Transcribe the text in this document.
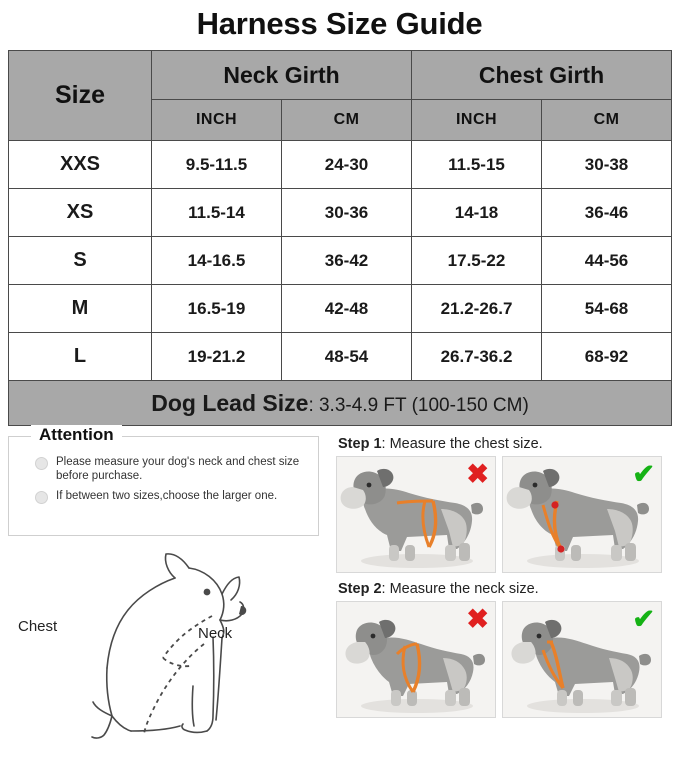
Harness Size Guide
Size	Neck Girth		Chest Girth	
	INCH	CM	INCH	CM
XXS	9.5-11.5	24-30	11.5-15	30-38
XS	11.5-14	30-36	14-18	36-46
S	14-16.5	36-42	17.5-22	44-56
M	16.5-19	42-48	21.2-26.7	54-68
L	19-21.2	48-54	26.7-36.2	68-92
Dog Lead Size: 3.3-4.9 FT (100-150 CM)				
Attention
Please measure your dog's neck and chest size before purchase.
If between two sizes,choose the larger one.
Chest	Neck
Step 1: Measure the chest size.
✖	✔
Step 2: Measure the neck size.
✖	✔
